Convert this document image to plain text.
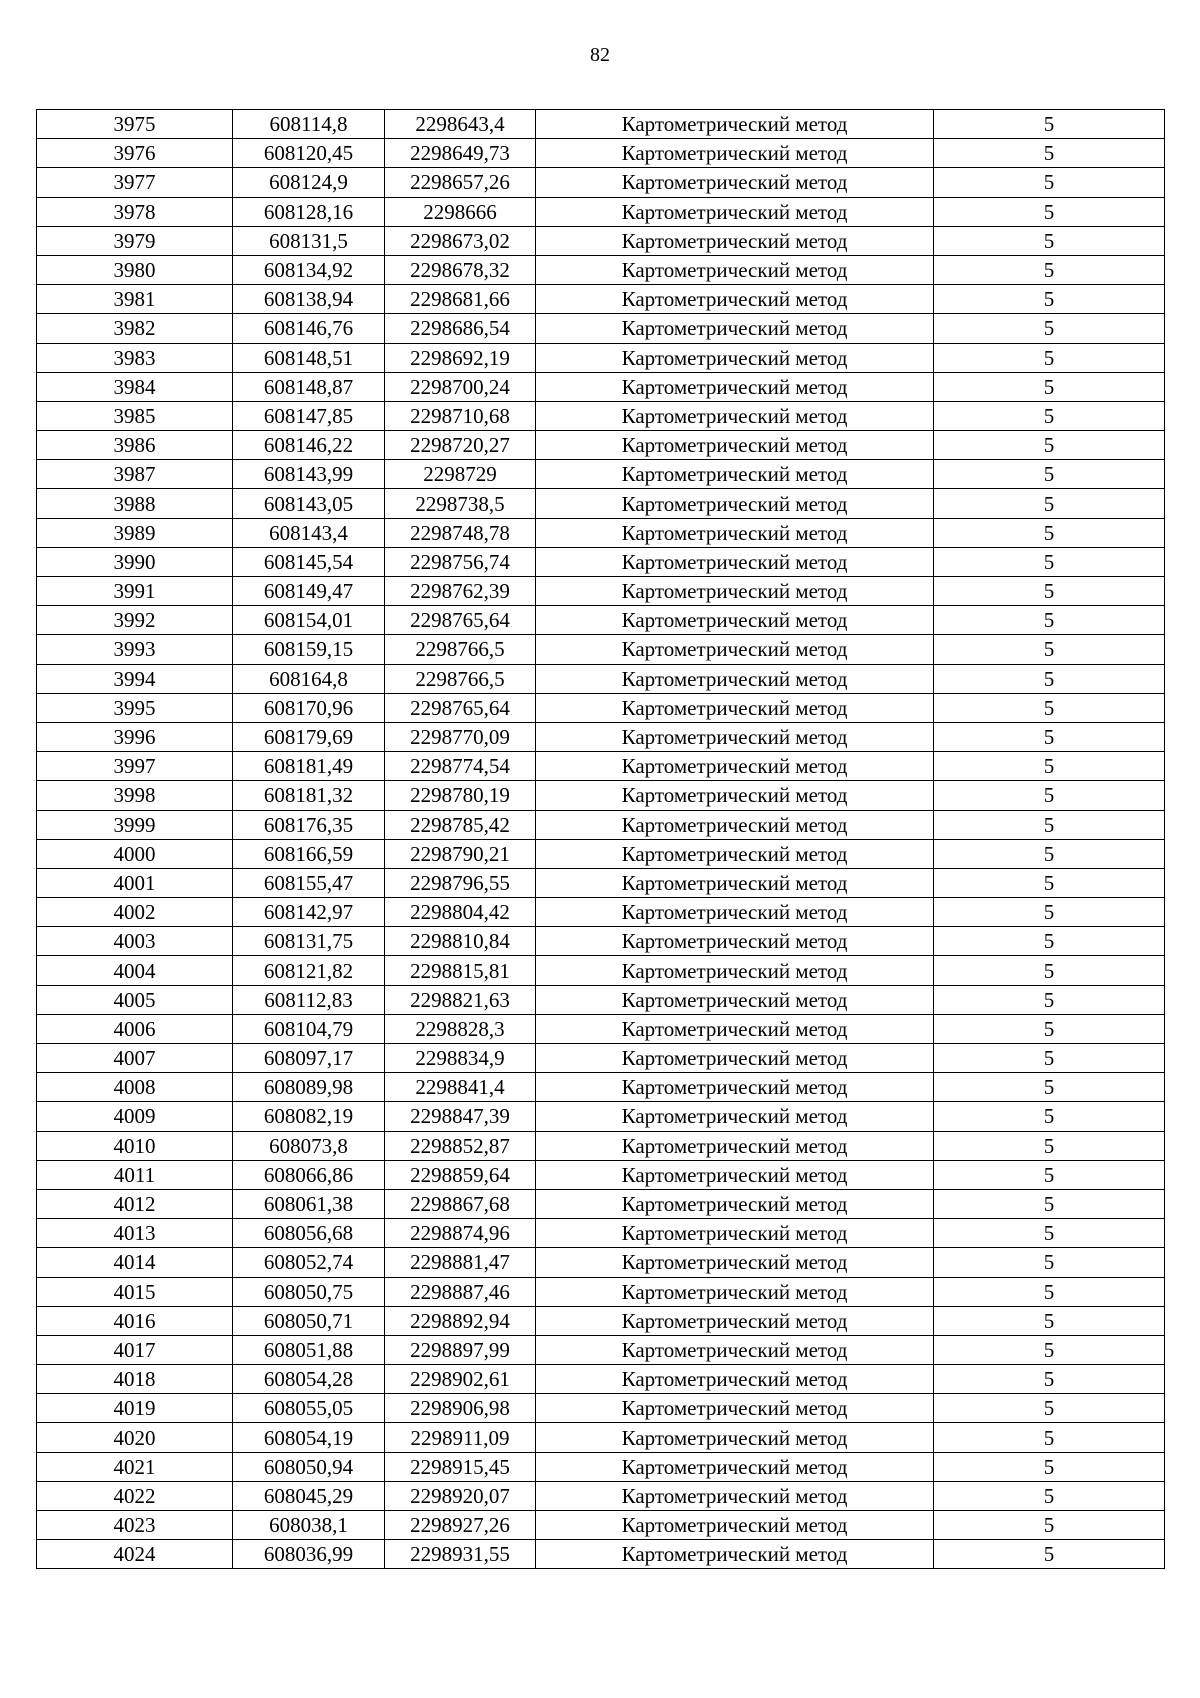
82
3975	608114,8	2298643,4	Картометрический метод	5
3976	608120,45	2298649,73	Картометрический метод	5
3977	608124,9	2298657,26	Картометрический метод	5
3978	608128,16	2298666	Картометрический метод	5
3979	608131,5	2298673,02	Картометрический метод	5
3980	608134,92	2298678,32	Картометрический метод	5
3981	608138,94	2298681,66	Картометрический метод	5
3982	608146,76	2298686,54	Картометрический метод	5
3983	608148,51	2298692,19	Картометрический метод	5
3984	608148,87	2298700,24	Картометрический метод	5
3985	608147,85	2298710,68	Картометрический метод	5
3986	608146,22	2298720,27	Картометрический метод	5
3987	608143,99	2298729	Картометрический метод	5
3988	608143,05	2298738,5	Картометрический метод	5
3989	608143,4	2298748,78	Картометрический метод	5
3990	608145,54	2298756,74	Картометрический метод	5
3991	608149,47	2298762,39	Картометрический метод	5
3992	608154,01	2298765,64	Картометрический метод	5
3993	608159,15	2298766,5	Картометрический метод	5
3994	608164,8	2298766,5	Картометрический метод	5
3995	608170,96	2298765,64	Картометрический метод	5
3996	608179,69	2298770,09	Картометрический метод	5
3997	608181,49	2298774,54	Картометрический метод	5
3998	608181,32	2298780,19	Картометрический метод	5
3999	608176,35	2298785,42	Картометрический метод	5
4000	608166,59	2298790,21	Картометрический метод	5
4001	608155,47	2298796,55	Картометрический метод	5
4002	608142,97	2298804,42	Картометрический метод	5
4003	608131,75	2298810,84	Картометрический метод	5
4004	608121,82	2298815,81	Картометрический метод	5
4005	608112,83	2298821,63	Картометрический метод	5
4006	608104,79	2298828,3	Картометрический метод	5
4007	608097,17	2298834,9	Картометрический метод	5
4008	608089,98	2298841,4	Картометрический метод	5
4009	608082,19	2298847,39	Картометрический метод	5
4010	608073,8	2298852,87	Картометрический метод	5
4011	608066,86	2298859,64	Картометрический метод	5
4012	608061,38	2298867,68	Картометрический метод	5
4013	608056,68	2298874,96	Картометрический метод	5
4014	608052,74	2298881,47	Картометрический метод	5
4015	608050,75	2298887,46	Картометрический метод	5
4016	608050,71	2298892,94	Картометрический метод	5
4017	608051,88	2298897,99	Картометрический метод	5
4018	608054,28	2298902,61	Картометрический метод	5
4019	608055,05	2298906,98	Картометрический метод	5
4020	608054,19	2298911,09	Картометрический метод	5
4021	608050,94	2298915,45	Картометрический метод	5
4022	608045,29	2298920,07	Картометрический метод	5
4023	608038,1	2298927,26	Картометрический метод	5
4024	608036,99	2298931,55	Картометрический метод	5
